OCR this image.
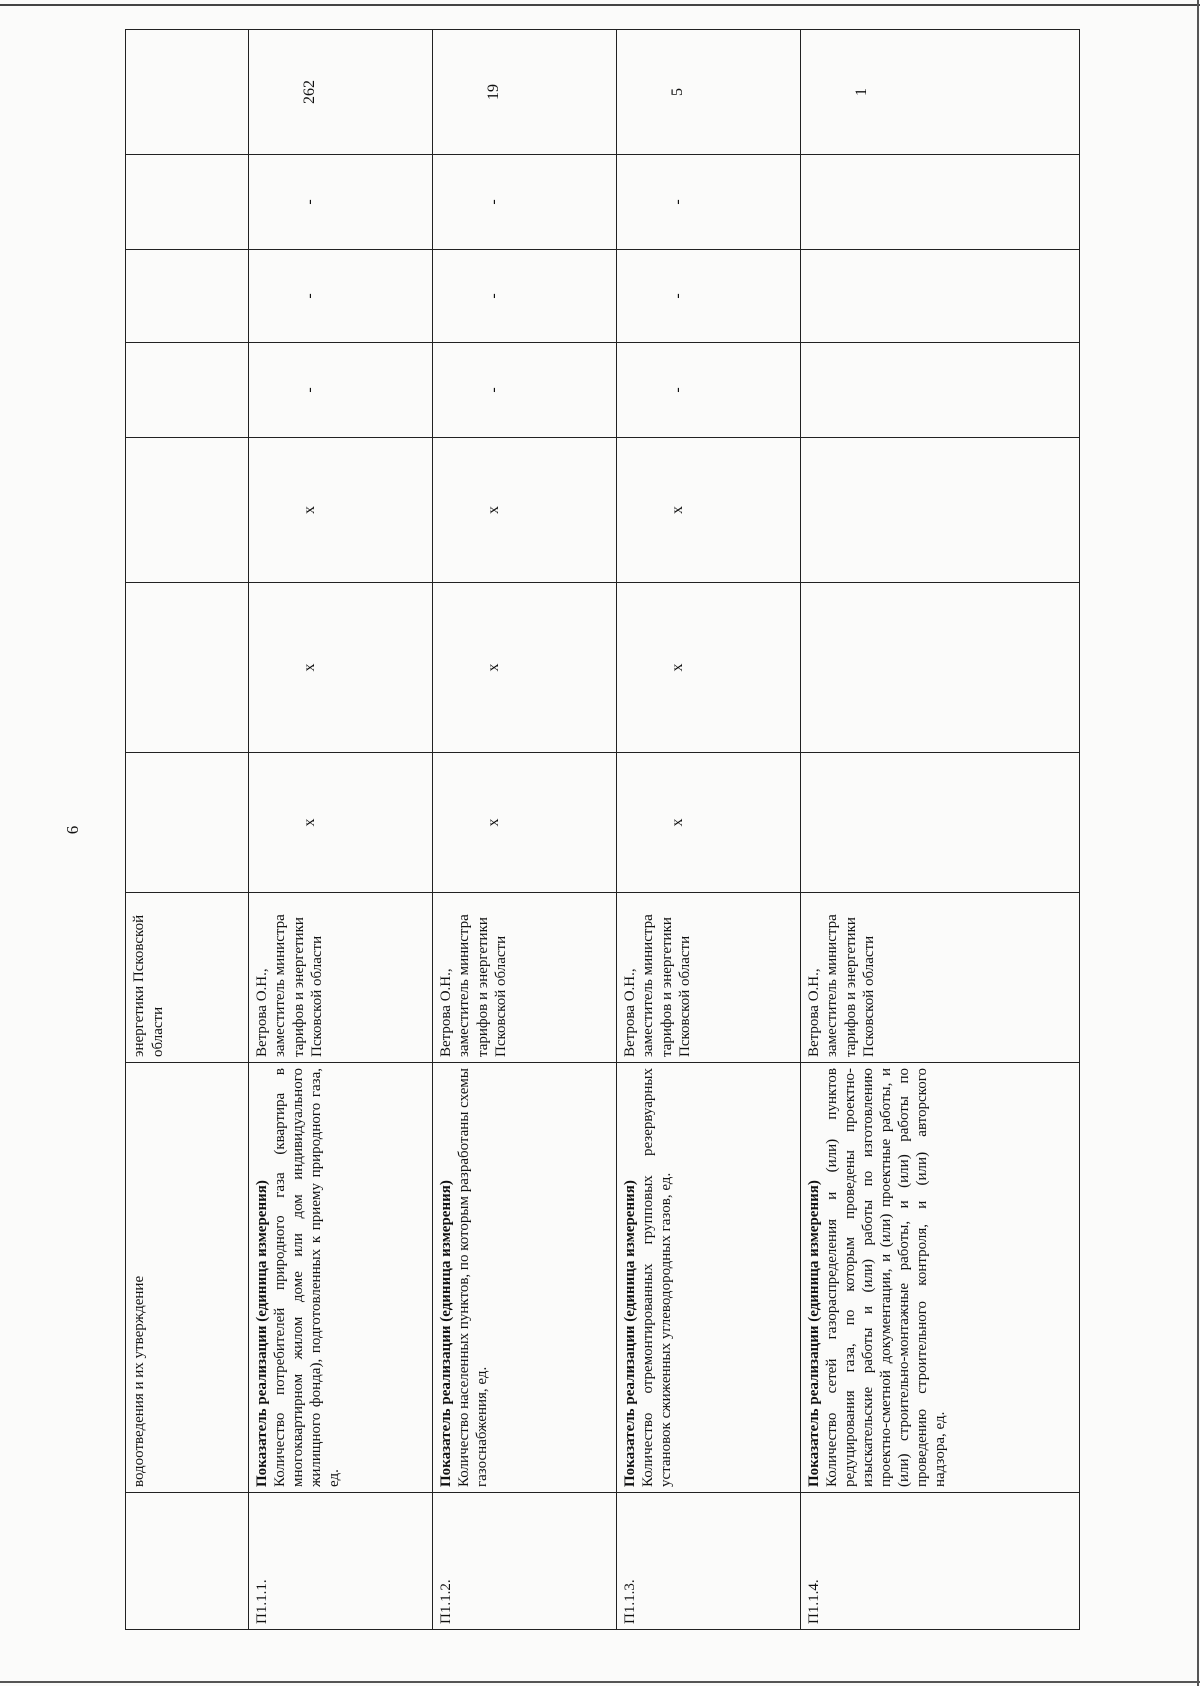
6
	водоотведения и их утверждение	энергетики Псковской области							
П1.1.1.	Показатель реализации (единица измерения) Количество потребителей природного газа (квартира в многоквартирном жилом доме или дом индивидуального жилищного фонда), подготовленных к приему природного газа, ед.	Ветрова О.Н., заместитель министра тарифов и энергетики Псковской области	x	x	x	-	-	-	262
П1.1.2.	Показатель реализации (единица измерения) Количество населенных пунктов, по которым разработаны схемы газоснабжения, ед.	Ветрова О.Н., заместитель министра тарифов и энергетики Псковской области	x	x	x	-	-	-	19
П1.1.3.	Показатель реализации (единица измерения) Количество отремонтированных групповых резервуарных установок сжиженных углеводородных газов, ед.	Ветрова О.Н., заместитель министра тарифов и энергетики Псковской области	x	x	x	-	-	-	5
П1.1.4.	Показатель реализации (единица измерения) Количество сетей газораспределения и (или) пунктов редуцирования газа, по которым проведены проектно-изыскательские работы и (или) работы по изготовлению проектно-сметной документации, и (или) проектные работы, и (или) строительно-монтажные работы, и (или) работы по проведению строительного контроля, и (или) авторского надзора, ед.	Ветрова О.Н., заместитель министра тарифов и энергетики Псковской области							1
